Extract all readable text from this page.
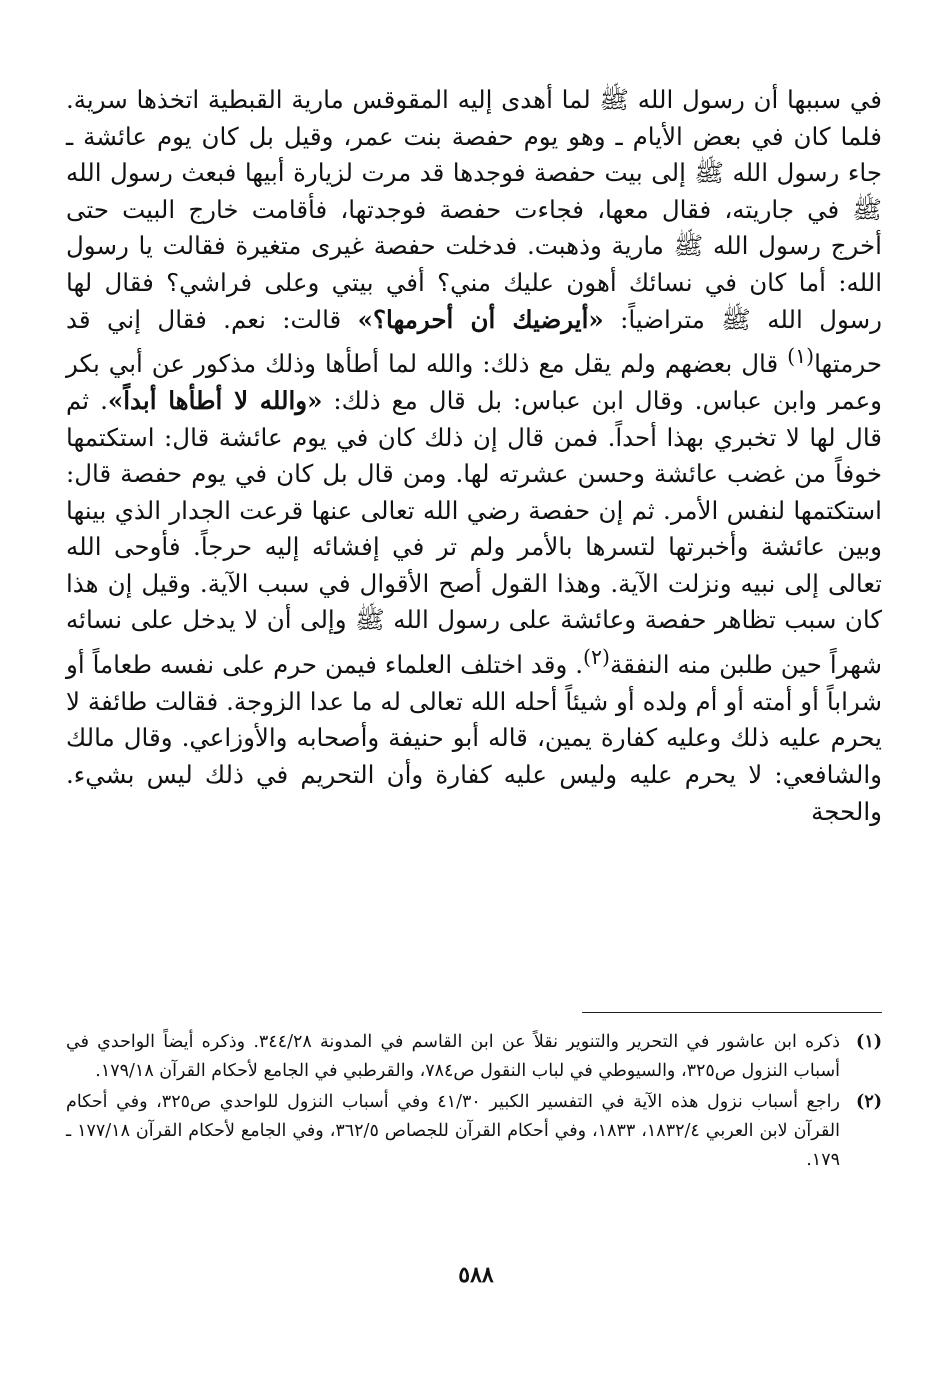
في سببها أن رسول الله ﷺ لما أهدى إليه المقوقس مارية القبطية اتخذها سرية. فلما كان في بعض الأيام ـ وهو يوم حفصة بنت عمر، وقيل بل كان يوم عائشة ـ جاء رسول الله ﷺ إلى بيت حفصة فوجدها قد مرت لزيارة أبيها فبعث رسول الله ﷺ في جاريته، فقال معها، فجاءت حفصة فوجدتها، فأقامت خارج البيت حتى أخرج رسول الله ﷺ مارية وذهبت. فدخلت حفصة غيرى متغيرة فقالت يا رسول الله: أما كان في نسائك أهون عليك مني؟ أفي بيتي وعلى فراشي؟ فقال لها رسول الله ﷺ متراضياً: «أيرضيك أن أحرمها؟» قالت: نعم. فقال إني قد حرمتها$^{(١)}$ قال بعضهم ولم يقل مع ذلك: والله لما أطأها وذلك مذكور عن أبي بكر وعمر وابن عباس. وقال ابن عباس: بل قال مع ذلك: «والله لا أطأها أبداً». ثم قال لها لا تخبري بهذا أحداً. فمن قال إن ذلك كان في يوم عائشة قال: استكتمها خوفاً من غضب عائشة وحسن عشرته لها. ومن قال بل كان في يوم حفصة قال: استكتمها لنفس الأمر. ثم إن حفصة رضي الله تعالى عنها قرعت الجدار الذي بينها وبين عائشة وأخبرتها لتسرها بالأمر ولم تر في إفشائه إليه حرجاً. فأوحى الله تعالى إلى نبيه ونزلت الآية. وهذا القول أصح الأقوال في سبب الآية. وقيل إن هذا كان سبب تظاهر حفصة وعائشة على رسول الله ﷺ وإلى أن لا يدخل على نسائه شهراً حين طلبن منه النفقة$^{(٢)}$. وقد اختلف العلماء فيمن حرم على نفسه طعاماً أو شراباً أو أمته أو أم ولده أو شيئاً أحله الله تعالى له ما عدا الزوجة. فقالت طائفة لا يحرم عليه ذلك وعليه كفارة يمين، قاله أبو حنيفة وأصحابه والأوزاعي. وقال مالك والشافعي: لا يحرم عليه وليس عليه كفارة وأن التحريم في ذلك ليس بشيء. والحجة
(١)
ذكره ابن عاشور في التحرير والتنوير نقلاً عن ابن القاسم في المدونة ٣٤٤/٢٨. وذكره أيضاً الواحدي في أسباب النزول ص٣٢٥، والسيوطي في لباب النقول ص٧٨٤، والقرطبي في الجامع لأحكام القرآن ١٧٩/١٨.
(٢)
راجع أسباب نزول هذه الآية في التفسير الكبير ٤١/٣٠ وفي أسباب النزول للواحدي ص٣٢٥، وفي أحكام القرآن لابن العربي ١٨٣٢/٤، ١٨٣٣، وفي أحكام القرآن للجصاص ٣٦٢/٥، وفي الجامع لأحكام القرآن ١٧٧/١٨ ـ ١٧٩.
٥٨٨
